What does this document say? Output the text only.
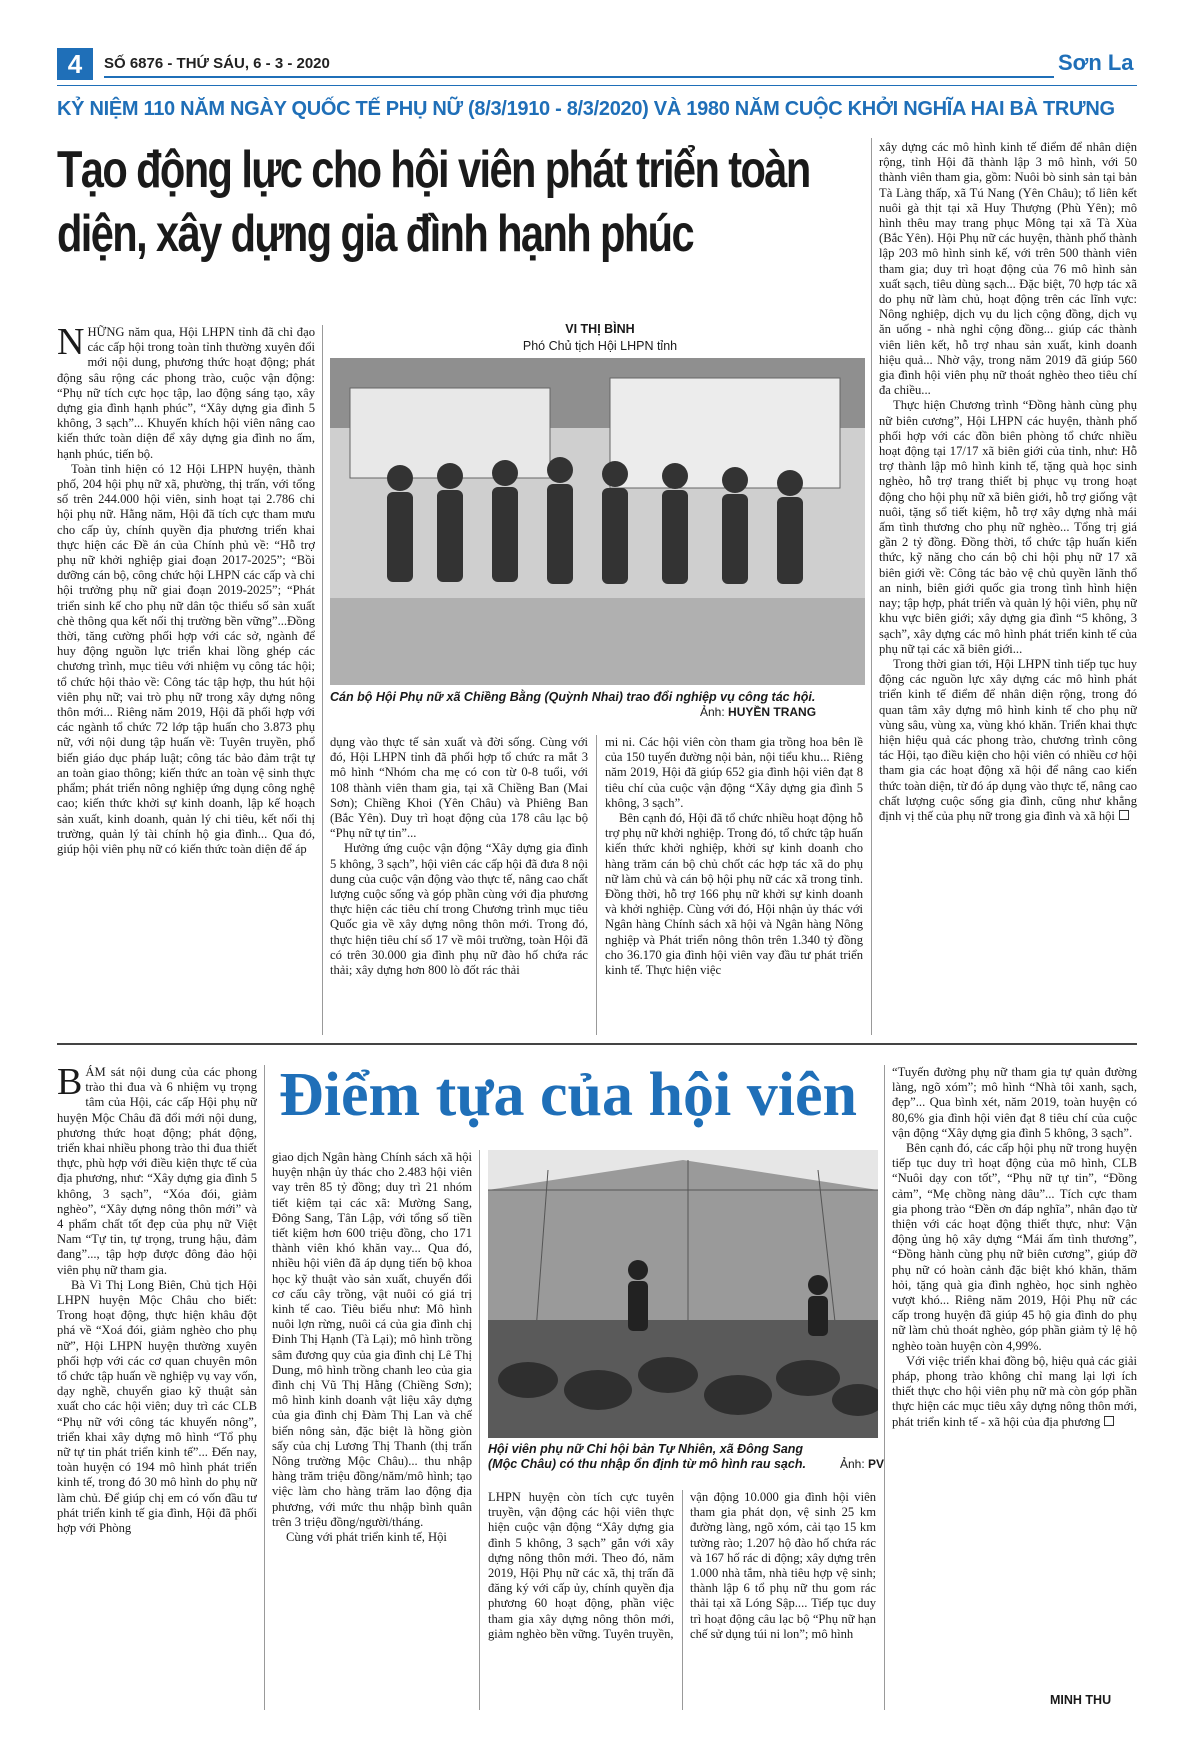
4	SỐ 6876 - THỨ SÁU, 6 - 3 - 2020	Sơn La
KỶ NIỆM 110 NĂM NGÀY QUỐC TẾ PHỤ NỮ (8/3/1910 - 8/3/2020) VÀ 1980 NĂM CUỘC KHỞI NGHĨA HAI BÀ TRƯNG
Tạo động lực cho hội viên phát triển toàn diện, xây dựng gia đình hạnh phúc

NHỮNG năm qua, Hội LHPN tỉnh đã chỉ đạo các cấp hội trong toàn tỉnh thường xuyên đổi mới nội dung, phương thức hoạt động; phát động sâu rộng các phong trào, cuộc vận động: “Phụ nữ tích cực học tập, lao động sáng tạo, xây dựng gia đình hạnh phúc”, “Xây dựng gia đình 5 không, 3 sạch”... Khuyến khích hội viên nâng cao kiến thức toàn diện để xây dựng gia đình no ấm, hạnh phúc, tiến bộ.

Toàn tỉnh hiện có 12 Hội LHPN huyện, thành phố, 204 hội phụ nữ xã, phường, thị trấn, với tổng số trên 244.000 hội viên, sinh hoạt tại 2.786 chi hội phụ nữ. Hằng năm, Hội đã tích cực tham mưu cho cấp ủy, chính quyền địa phương triển khai thực hiện các Đề án của Chính phủ về: “Hỗ trợ phụ nữ khởi nghiệp giai đoạn 2017-2025”; “Bồi dưỡng cán bộ, công chức hội LHPN các cấp và chi hội trưởng phụ nữ giai đoạn 2019-2025”; “Phát triển sinh kế cho phụ nữ dân tộc thiểu số sản xuất chè thông qua kết nối thị trường bền vững”...Đồng thời, tăng cường phối hợp với các sở, ngành để huy động nguồn lực triển khai lồng ghép các chương trình, mục tiêu với nhiệm vụ công tác hội; tổ chức hội thảo về: Công tác tập hợp, thu hút hội viên phụ nữ; vai trò phụ nữ trong xây dựng nông thôn mới... Riêng năm 2019, Hội đã phối hợp với các ngành tổ chức 72 lớp tập huấn cho 3.873 phụ nữ, với nội dung tập huấn về: Tuyên truyền, phổ biến giáo dục pháp luật; công tác bảo đảm trật tự an toàn giao thông; kiến thức an toàn vệ sinh thực phẩm; phát triển nông nghiệp ứng dụng công nghệ cao; kiến thức khởi sự kinh doanh, lập kế hoạch sản xuất, kinh doanh, quản lý chi tiêu, kết nối thị trường, quản lý tài chính hộ gia đình... Qua đó, giúp hội viên phụ nữ có kiến thức toàn diện để áp

VI THỊ BÌNH
Phó Chủ tịch Hội LHPN tỉnh
Cán bộ Hội Phụ nữ xã Chiềng Bằng (Quỳnh Nhai) trao đổi nghiệp vụ công tác hội.
Ảnh: HUYỀN TRANG

dụng vào thực tế sản xuất và đời sống. Cùng với đó, Hội LHPN tỉnh đã phối hợp tổ chức ra mắt 3 mô hình “Nhóm cha mẹ có con từ 0-8 tuổi, với 108 thành viên tham gia, tại xã Chiềng Ban (Mai Sơn); Chiềng Khoi (Yên Châu) và Phiêng Ban (Bắc Yên). Duy trì hoạt động của 178 câu lạc bộ “Phụ nữ tự tin”...

Hưởng ứng cuộc vận động “Xây dựng gia đình 5 không, 3 sạch”, hội viên các cấp hội đã đưa 8 nội dung của cuộc vận động vào thực tế, nâng cao chất lượng cuộc sống và góp phần cùng với địa phương thực hiện các tiêu chí trong Chương trình mục tiêu Quốc gia về xây dựng nông thôn mới. Trong đó, thực hiện tiêu chí số 17 về môi trường, toàn Hội đã có trên 30.000 gia đình phụ nữ đào hố chứa rác thải; xây dựng hơn 800 lò đốt rác thải

mi ni. Các hội viên còn tham gia trồng hoa bên lề của 150 tuyến đường nội bản, nội tiểu khu... Riêng năm 2019, Hội đã giúp 652 gia đình hội viên đạt 8 tiêu chí của cuộc vận động “Xây dựng gia đình 5 không, 3 sạch”.

Bên cạnh đó, Hội đã tổ chức nhiều hoạt động hỗ trợ phụ nữ khởi nghiệp. Trong đó, tổ chức tập huấn kiến thức khởi nghiệp, khởi sự kinh doanh cho hàng trăm cán bộ chủ chốt các hợp tác xã do phụ nữ làm chủ và cán bộ hội phụ nữ các xã trong tỉnh. Đồng thời, hỗ trợ 166 phụ nữ khởi sự kinh doanh và khởi nghiệp. Cùng với đó, Hội nhận ủy thác với Ngân hàng Chính sách xã hội và Ngân hàng Nông nghiệp và Phát triển nông thôn trên 1.340 tỷ đồng cho 36.170 gia đình hội viên vay đầu tư phát triển kinh tế. Thực hiện việc

xây dựng các mô hình kinh tế điểm để nhân diện rộng, tỉnh Hội đã thành lập 3 mô hình, với 50 thành viên tham gia, gồm: Nuôi bò sinh sản tại bản Tà Làng thấp, xã Tú Nang (Yên Châu); tổ liên kết nuôi gà thịt tại xã Huy Thượng (Phù Yên); mô hình thêu may trang phục Mông tại xã Tà Xùa (Bắc Yên). Hội Phụ nữ các huyện, thành phố thành lập 203 mô hình sinh kế, với trên 500 thành viên tham gia; duy trì hoạt động của 76 mô hình sản xuất sạch, tiêu dùng sạch... Đặc biệt, 70 hợp tác xã do phụ nữ làm chủ, hoạt động trên các lĩnh vực: Nông nghiệp, dịch vụ du lịch cộng đồng, dịch vụ ăn uống - nhà nghỉ cộng đồng... giúp các thành viên liên kết, hỗ trợ nhau sản xuất, kinh doanh hiệu quả... Nhờ vậy, trong năm 2019 đã giúp 560 gia đình hội viên phụ nữ thoát nghèo theo tiêu chí đa chiều...

Thực hiện Chương trình “Đồng hành cùng phụ nữ biên cương”, Hội LHPN các huyện, thành phố phối hợp với các đồn biên phòng tổ chức nhiều hoạt động tại 17/17 xã biên giới của tỉnh, như: Hỗ trợ thành lập mô hình kinh tế, tặng quà học sinh nghèo, hỗ trợ trang thiết bị phục vụ trong hoạt động cho hội phụ nữ xã biên giới, hỗ trợ giống vật nuôi, tặng sổ tiết kiệm, hỗ trợ xây dựng nhà mái ấm tình thương cho phụ nữ nghèo... Tổng trị giá gần 2 tỷ đồng. Đồng thời, tổ chức tập huấn kiến thức, kỹ năng cho cán bộ chi hội phụ nữ 17 xã biên giới về: Công tác bảo vệ chủ quyền lãnh thổ an ninh, biên giới quốc gia trong tình hình hiện nay; tập hợp, phát triển và quản lý hội viên, phụ nữ khu vực biên giới; xây dựng gia đình “5 không, 3 sạch”, xây dựng các mô hình phát triển kinh tế của phụ nữ tại các xã biên giới...

Trong thời gian tới, Hội LHPN tỉnh tiếp tục huy động các nguồn lực xây dựng các mô hình phát triển kinh tế điểm để nhân diện rộng, trong đó quan tâm xây dựng mô hình kinh tế cho phụ nữ vùng sâu, vùng xa, vùng khó khăn. Triển khai thực hiện hiệu quả các phong trào, chương trình công tác Hội, tạo điều kiện cho hội viên có nhiều cơ hội tham gia các hoạt động xã hội để nâng cao kiến thức toàn diện, từ đó áp dụng vào thực tế, nâng cao chất lượng cuộc sống gia đình, cũng như khẳng định vị thế của phụ nữ trong gia đình và xã hội

Điểm tựa của hội viên

BÁM sát nội dung của các phong trào thi đua và 6 nhiệm vụ trọng tâm của Hội, các cấp Hội phụ nữ huyện Mộc Châu đã đổi mới nội dung, phương thức hoạt động; phát động, triển khai nhiều phong trào thi đua thiết thực, phù hợp với điều kiện thực tế của địa phương, như: “Xây dựng gia đình 5 không, 3 sạch”, “Xóa đói, giảm nghèo”, “Xây dựng nông thôn mới” và 4 phẩm chất tốt đẹp của phụ nữ Việt Nam “Tự tin, tự trọng, trung hậu, đảm đang”..., tập hợp được đông đảo hội viên phụ nữ tham gia.

Bà Vì Thị Long Biên, Chủ tịch Hội LHPN huyện Mộc Châu cho biết: Trong hoạt động, thực hiện khâu đột phá về “Xoá đói, giảm nghèo cho phụ nữ”, Hội LHPN huyện thường xuyên phối hợp với các cơ quan chuyên môn tổ chức tập huấn về nghiệp vụ vay vốn, dạy nghề, chuyển giao kỹ thuật sản xuất cho các hội viên; duy trì các CLB “Phụ nữ với công tác khuyến nông”, triển khai xây dựng mô hình “Tổ phụ nữ tự tin phát triển kinh tế”... Đến nay, toàn huyện có 194 mô hình phát triển kinh tế, trong đó 30 mô hình do phụ nữ làm chủ. Để giúp chị em có vốn đầu tư phát triển kinh tế gia đình, Hội đã phối hợp với Phòng

giao dịch Ngân hàng Chính sách xã hội huyện nhận ủy thác cho 2.483 hội viên vay trên 85 tỷ đồng; duy trì 21 nhóm tiết kiệm tại các xã: Mường Sang, Đông Sang, Tân Lập, với tổng số tiền tiết kiệm hơn 600 triệu đồng, cho 171 thành viên khó khăn vay... Qua đó, nhiều hội viên đã áp dụng tiến bộ khoa học kỹ thuật vào sản xuất, chuyển đổi cơ cấu cây trồng, vật nuôi có giá trị kinh tế cao. Tiêu biểu như: Mô hình nuôi lợn rừng, nuôi cá của gia đình chị Đinh Thị Hạnh (Tà Lại); mô hình trồng sâm đương quy của gia đình chị Lê Thị Dung, mô hình trồng chanh leo của gia đình chị Vũ Thị Hằng (Chiềng Sơn); mô hình kinh doanh vật liệu xây dựng của gia đình chị Đàm Thị Lan và chế biến nông sản, đặc biệt là hồng giòn sấy của chị Lương Thị Thanh (thị trấn Nông trường Mộc Châu)... thu nhập hàng trăm triệu đồng/năm/mô hình; tạo việc làm cho hàng trăm lao động địa phương, với mức thu nhập bình quân trên 3 triệu đồng/người/tháng.

Cùng với phát triển kinh tế, Hội

Hội viên phụ nữ Chi hội bản Tự Nhiên, xã Đông Sang (Mộc Châu) có thu nhập ổn định từ mô hình rau sạch.	Ảnh: PV

LHPN huyện còn tích cực tuyên truyền, vận động các hội viên thực hiện cuộc vận động “Xây dựng gia đình 5 không, 3 sạch” gắn với xây dựng nông thôn mới. Theo đó, năm 2019, Hội Phụ nữ các xã, thị trấn đã đăng ký với cấp ủy, chính quyền địa phương 60 hoạt động, phần việc tham gia xây dựng nông thôn mới, giảm nghèo bền vững. Tuyên truyền,

vận động 10.000 gia đình hội viên tham gia phát dọn, vệ sinh 25 km đường làng, ngõ xóm, cải tạo 15 km tường rào; 1.207 hộ đào hố chứa rác và 167 hố rác di động; xây dựng trên 1.000 nhà tắm, nhà tiêu hợp vệ sinh; thành lập 6 tổ phụ nữ thu gom rác thải tại xã Lóng Sập.... Tiếp tục duy trì hoạt động câu lạc bộ “Phụ nữ hạn chế sử dụng túi ni lon”; mô hình

“Tuyến đường phụ nữ tham gia tự quản đường làng, ngõ xóm”; mô hình “Nhà tôi xanh, sạch, đẹp”... Qua bình xét, năm 2019, toàn huyện có 80,6% gia đình hội viên đạt 8 tiêu chí của cuộc vận động “Xây dựng gia đình 5 không, 3 sạch”.

Bên cạnh đó, các cấp hội phụ nữ trong huyện tiếp tục duy trì hoạt động của mô hình, CLB “Nuôi dạy con tốt”, “Phụ nữ tự tin”, “Đồng cảm”, “Mẹ chồng nàng dâu”... Tích cực tham gia phong trào “Đền ơn đáp nghĩa”, nhân đạo từ thiện với các hoạt động thiết thực, như: Vận động ủng hộ xây dựng “Mái ấm tình thương”, “Đồng hành cùng phụ nữ biên cương”, giúp đỡ phụ nữ có hoàn cảnh đặc biệt khó khăn, thăm hỏi, tặng quà gia đình nghèo, học sinh nghèo vượt khó... Riêng năm 2019, Hội Phụ nữ các cấp trong huyện đã giúp 45 hộ gia đình do phụ nữ làm chủ thoát nghèo, góp phần giảm tỷ lệ hộ nghèo toàn huyện còn 4,99%.

Với việc triển khai đồng bộ, hiệu quả các giải pháp, phong trào không chỉ mang lại lợi ích thiết thực cho hội viên phụ nữ mà còn góp phần thực hiện các mục tiêu xây dựng nông thôn mới, phát triển kinh tế - xã hội của địa phương

MINH THU
